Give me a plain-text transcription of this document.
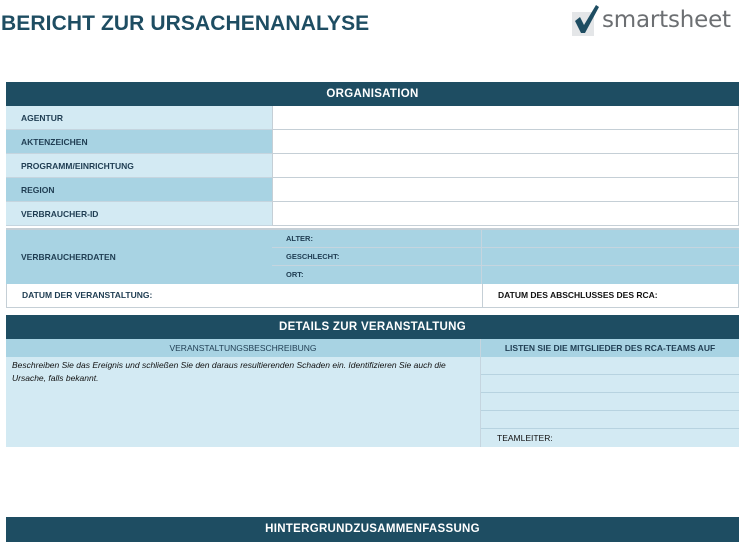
BERICHT ZUR URSACHENANALYSE	smartsheet
ORGANISATION
AGENTUR
AKTENZEICHEN
PROGRAMM/EINRICHTUNG
REGION
VERBRAUCHER-ID
VERBRAUCHERDATEN
ALTER:
GESCHLECHT:
ORT:
DATUM DER VERANSTALTUNG:	DATUM DES ABSCHLUSSES DES RCA:
DETAILS ZUR VERANSTALTUNG
VERANSTALTUNGSBESCHREIBUNG	LISTEN SIE DIE MITGLIEDER DES RCA-TEAMS AUF
Beschreiben Sie das Ereignis und schließen Sie den daraus resultierenden Schaden ein. Identifizieren Sie auch die Ursache, falls bekannt.
TEAMLEITER:
HINTERGRUNDZUSAMMENFASSUNG
